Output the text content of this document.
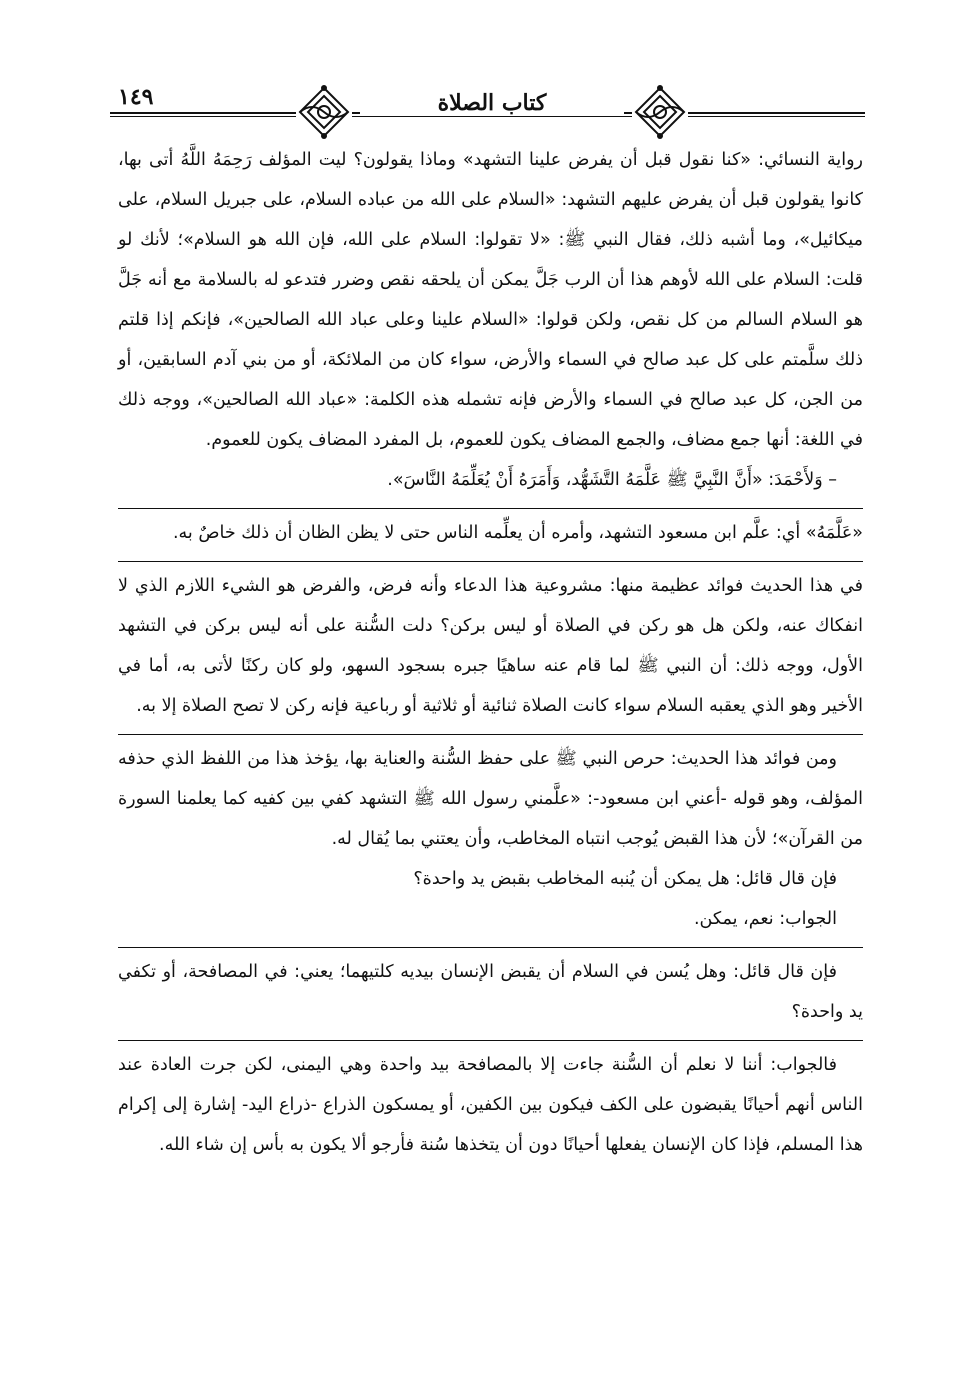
١٤٩	كتاب الصلاة

رواية النسائي: «كنا نقول قبل أن يفرض علينا التشهد» وماذا يقولون؟ ليت المؤلف رَحِمَهُ اللَّهُ أتى بها، كانوا يقولون قبل أن يفرض عليهم التشهد: «السلام على الله من عباده السلام، على جبريل السلام، على ميكائيل»، وما أشبه ذلك، فقال النبي ﷺ: «لا تقولوا: السلام على الله، فإن الله هو السلام»؛ لأنك لو قلت: السلام على الله لأوهم هذا أن الرب جَلَّ يمكن أن يلحقه نقص وضرر فتدعو له بالسلامة مع أنه جَلَّ هو السلام السالم من كل نقص، ولكن قولوا: «السلام علينا وعلى عباد الله الصالحين»، فإنكم إذا قلتم ذلك سلَّمتم على كل عبد صالح في السماء والأرض، سواء كان من الملائكة، أو من بني آدم السابقين، أو من الجن، كل عبد صالح في السماء والأرض فإنه تشمله هذه الكلمة: «عباد الله الصالحين»، ووجه ذلك في اللغة: أنها جمع مضاف، والجمع المضاف يكون للعموم، بل المفرد المضاف يكون للعموم.

– وَلأَحْمَدَ: «أَنَّ النَّبِيَّ ﷺ عَلَّمَهُ التَّشَهُّد، وَأَمَرَهُ أَنْ يُعَلِّمَهُ النَّاسَ».

«عَلَّمَهُ» أي: علَّم ابن مسعود التشهد، وأمره أن يعلِّمه الناس حتى لا يظن الظان أن ذلك خاصٌ به.

في هذا الحديث فوائد عظيمة منها: مشروعية هذا الدعاء وأنه فرض، والفرض هو الشيء اللازم الذي لا انفكاك عنه، ولكن هل هو ركن في الصلاة أو ليس بركن؟ دلت السُّنة على أنه ليس بركن في التشهد الأول، ووجه ذلك: أن النبي ﷺ لما قام عنه ساهيًا جبره بسجود السهو، ولو كان ركنًا لأتى به، أما في الأخير وهو الذي يعقبه السلام سواء كانت الصلاة ثنائية أو ثلاثية أو رباعية فإنه ركن لا تصح الصلاة إلا به.

ومن فوائد هذا الحديث: حرص النبي ﷺ على حفظ السُّنة والعناية بها، يؤخذ هذا من اللفظ الذي حذفه المؤلف، وهو قوله -أعني ابن مسعود-: «علَّمني رسول الله ﷺ التشهد كفي بين كفيه كما يعلمنا السورة من القرآن»؛ لأن هذا القبض يُوجب انتباه المخاطب، وأن يعتني بما يُقال له.

فإن قال قائل: هل يمكن أن يُنبه المخاطب بقبض يد واحدة؟

الجواب: نعم، يمكن.

فإن قال قائل: وهل يُسن في السلام أن يقبض الإنسان بيديه كلتيهما؛ يعني: في المصافحة، أو تكفي يد واحدة؟

فالجواب: أننا لا نعلم أن السُّنة جاءت إلا بالمصافحة بيد واحدة وهي اليمنى، لكن جرت العادة عند الناس أنهم أحيانًا يقبضون على الكف فيكون بين الكفين، أو يمسكون الذراع -ذراع اليد- إشارة إلى إكرام هذا المسلم، فإذا كان الإنسان يفعلها أحيانًا دون أن يتخذها سُنة فأرجو ألا يكون به بأس إن شاء الله.
